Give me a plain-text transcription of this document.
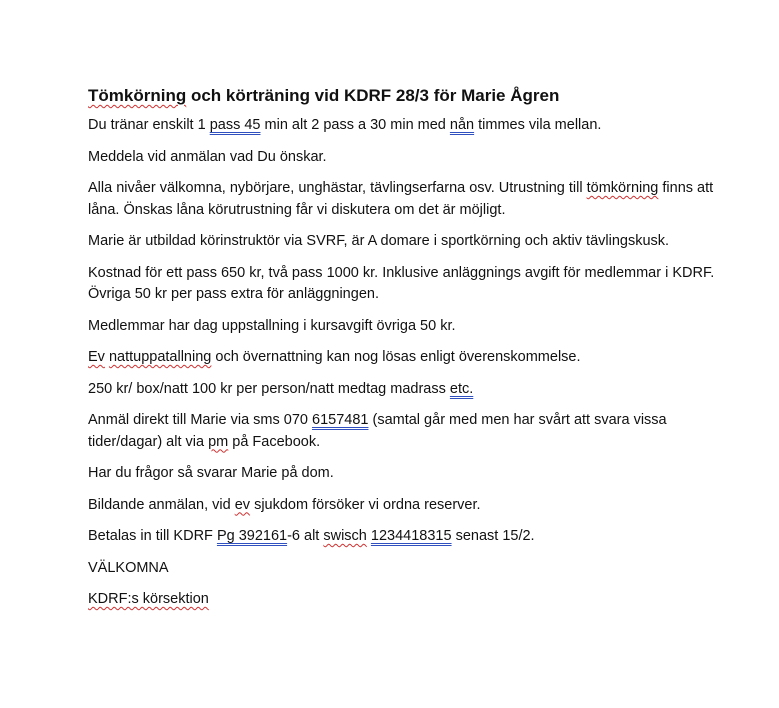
Tömkörning och körträning vid KDRF 28/3 för Marie Ågren
Du tränar enskilt 1 pass 45 min alt 2 pass a 30 min med nån timmes vila mellan.
Meddela vid anmälan vad Du önskar.
Alla nivåer välkomna, nybörjare, unghästar, tävlingserfarna osv. Utrustning till tömkörning finns att låna. Önskas låna körutrustning får vi diskutera om det är möjligt.
Marie är utbildad körinstruktör via SVRF, är A domare i sportkörning och aktiv tävlingskusk.
Kostnad för ett pass 650 kr, två pass 1000 kr. Inklusive anläggnings avgift för medlemmar i KDRF. Övriga 50 kr per pass extra för anläggningen.
Medlemmar har dag uppstallning i kursavgift övriga 50 kr.
Ev nattuppatallning och övernattning kan nog lösas enligt överenskommelse.
250 kr/ box/natt 100 kr per person/natt medtag madrass etc.
Anmäl direkt till Marie via sms 070 6157481 (samtal går med men har svårt att svara vissa tider/dagar) alt via pm på Facebook.
Har du frågor så svarar Marie på dom.
Bildande anmälan, vid ev sjukdom försöker vi ordna reserver.
Betalas in till KDRF Pg 392161-6 alt swisch 1234418315 senast 15/2.
VÄLKOMNA
KDRF:s körsektion
